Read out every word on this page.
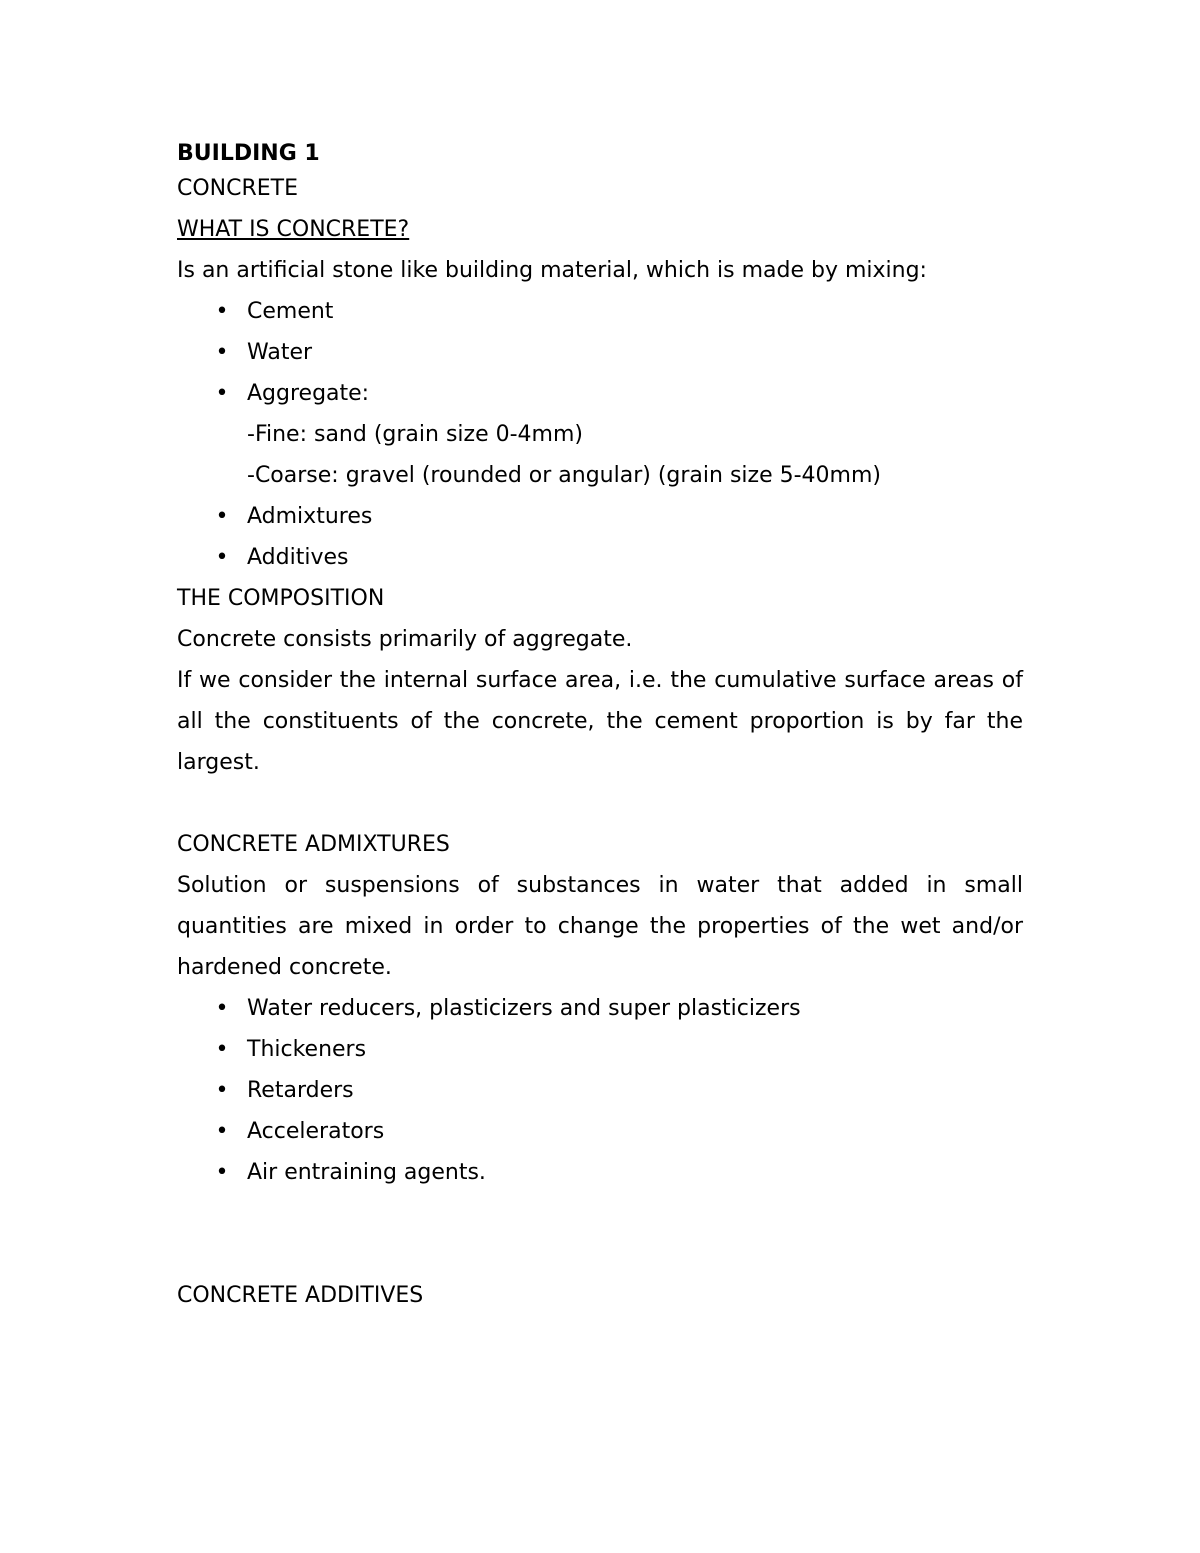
BUILDING 1
CONCRETE
WHAT IS CONCRETE?
Is an artificial stone like building material, which is made by mixing:
• Cement
• Water
• Aggregate:
-Fine: sand (grain size 0-4mm)
-Coarse: gravel (rounded or angular) (grain size 5-40mm)
• Admixtures
• Additives
THE COMPOSITION
Concrete consists primarily of aggregate.
If we consider the internal surface area, i.e. the cumulative surface areas of all the constituents of the concrete, the cement proportion is by far the largest.
CONCRETE ADMIXTURES
Solution or suspensions of substances in water that added in small quantities are mixed in order to change the properties of the wet and/or hardened concrete.
• Water reducers, plasticizers and super plasticizers
• Thickeners
• Retarders
• Accelerators
• Air entraining agents.
CONCRETE ADDITIVES
